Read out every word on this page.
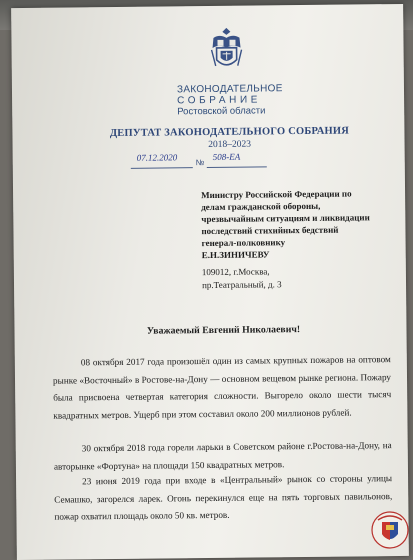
ЗАКОНОДАТЕЛЬНОЕ
СОБРАНИЕ
Ростовской области
ДЕПУТАТ ЗАКОНОДАТЕЛЬНОГО СОБРАНИЯ
2018–2023
07.12.2020 №
508-ЕА
Министру Российской Федерации по
делам гражданской обороны,
чрезвычайным ситуациям и ликвидации
последствий стихийных бедствий
генерал-полковнику
Е.Н.ЗИНИЧЕВУ
109012, г.Москва,
пр.Театральный, д. 3
Уважаемый Евгений Николаевич!
08 октября 2017 года произошёл один из самых крупных пожаров на оптовом рынке «Восточный» в Ростове-на-Дону — основном вещевом рынке региона. Пожару была присвоена четвертая категория сложности. Выгорело около шести тысяч квадратных метров. Ущерб при этом составил около 200 миллионов рублей.
30 октября 2018 года горели ларьки в Советском районе г.Ростова-на-Дону, на авторынке «Фортуна» на площади 150 квадратных метров.
23 июня 2019 года при входе в «Центральный» рынок со стороны улицы Семашко, загорелся ларек. Огонь перекинулся еще на пять торговых павильонов, пожар охватил площадь около 50 кв. метров.
